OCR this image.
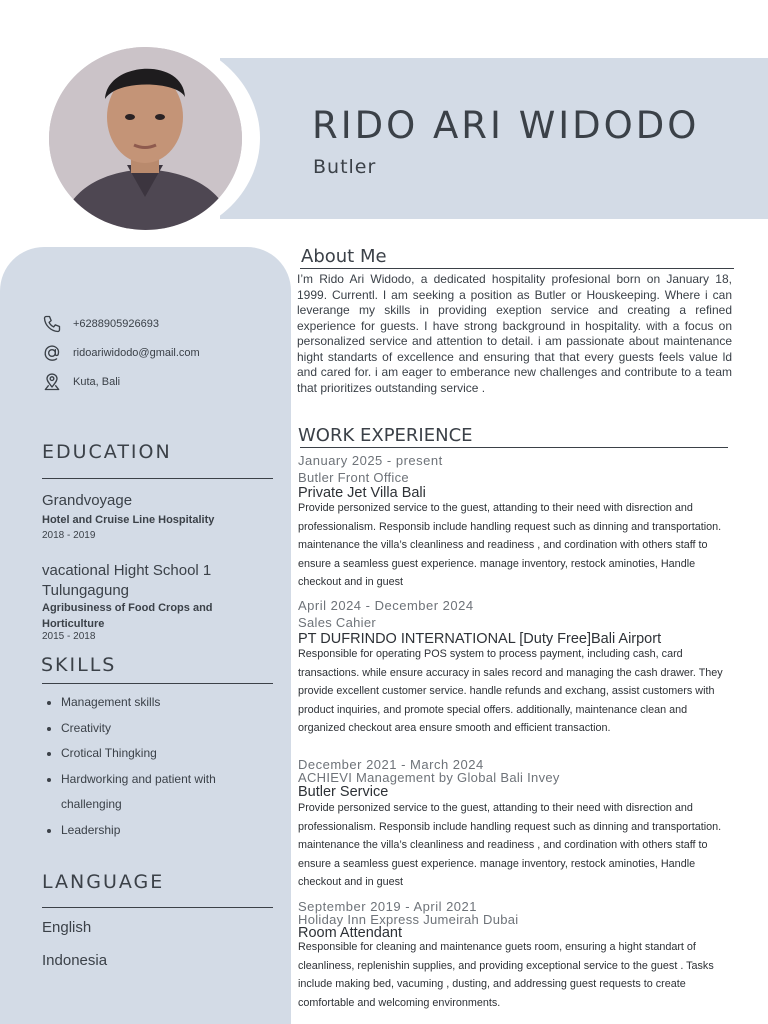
RIDO ARI WIDODO
Butler
+6288905926693
ridoariwidodo@gmail.com
Kuta, Bali
EDUCATION
Grandvoyage
Hotel and Cruise Line Hospitality
2018 - 2019
vacational Hight School 1 Tulungagung
Agribusiness of Food Crops and Horticulture
2015 - 2018
SKILLS
Management skills
Creativity
Crotical Thingking
Hardworking and patient with challenging
Leadership
LANGUAGE
English
Indonesia
About Me
I’m Rido Ari Widodo, a dedicated hospitality profesional born on January 18, 1999. Currentl. I am seeking a position as Butler or Houskeeping. Where i can leverange my skills in providing exeption service and creating a refined experience for guests. I have strong background in hospitality. with a focus on personalized service and attention to detail. i am passionate about maintenance hight standarts of excellence and ensuring that that every guests feels value ld and cared for. i am eager to emberance new challenges and contribute to a team that prioritizes outstanding service .
WORK EXPERIENCE
January 2025 - present
Butler Front Office
Private Jet Villa Bali
Provide personized service to the guest, attanding to their need with disrection and professionalism. Responsib include handling request such as dinning and transportation. maintenance the villa’s cleanliness and readiness , and cordination with others staff to ensure a seamless guest experience. manage inventory, restock aminoties, Handle checkout and in guest
April 2024 - December 2024
Sales Cahier
PT DUFRINDO INTERNATIONAL [Duty Free]Bali Airport
Responsible for operating POS system to process payment, including cash, card transactions. while ensure accuracy in sales record and managing the cash drawer. They provide excellent customer service. handle refunds and exchang, assist customers with product inquiries, and promote special offers. additionally, maintenance clean and organized checkout area ensure smooth and efficient transaction.
December 2021 - March 2024
ACHIEVI Management by Global Bali Invey
Butler Service
Provide personized service to the guest, attanding to their need with disrection and professionalism. Responsib include handling request such as dinning and transportation. maintenance the villa’s cleanliness and readiness , and cordination with others staff to ensure a seamless guest experience. manage inventory, restock aminoties, Handle checkout and in guest
September 2019 - April 2021
Holiday Inn Express Jumeirah Dubai
Room Attendant
Responsible for cleaning and maintenance guets room, ensuring a hight standart of cleanliness, replenishin supplies, and providing exceptional service to the guest . Tasks include making bed, vacuming , dusting, and addressing guest requests to create comfortable and welcoming environments.
